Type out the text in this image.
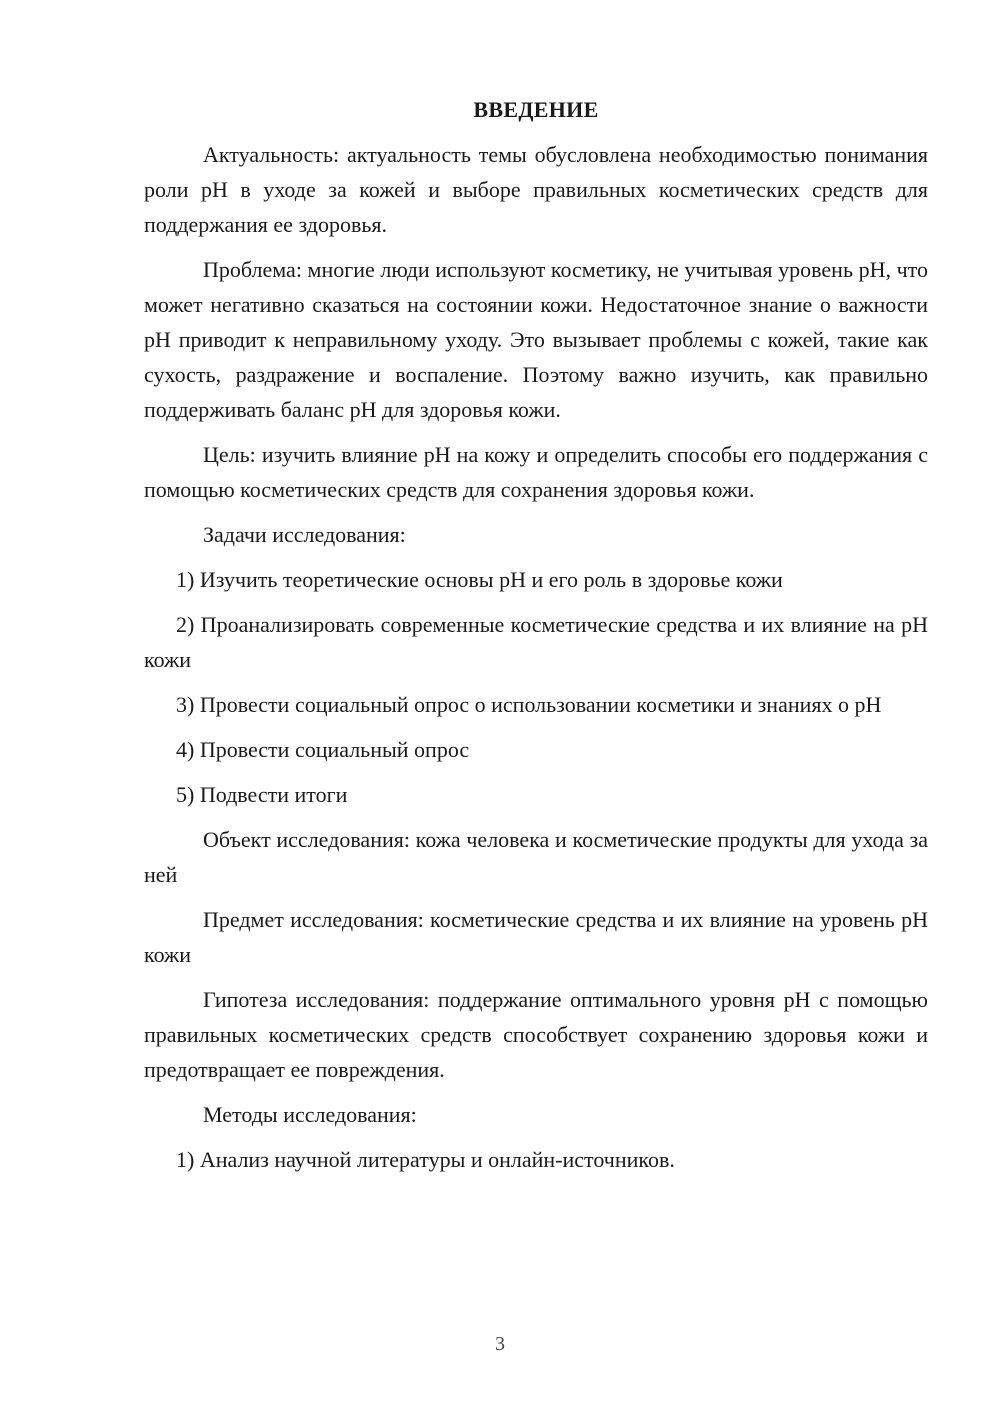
ВВЕДЕНИЕ

Актуальность: актуальность темы обусловлена необходимостью понимания роли pH в уходе за кожей и выборе правильных косметических средств для поддержания ее здоровья.

Проблема: многие люди используют косметику, не учитывая уровень pH, что может негативно сказаться на состоянии кожи. Недостаточное знание о важности pH приводит к неправильному уходу. Это вызывает проблемы с кожей, такие как сухость, раздражение и воспаление. Поэтому важно изучить, как правильно поддерживать баланс pH для здоровья кожи.

Цель: изучить влияние pH на кожу и определить способы его поддержания с помощью косметических средств для сохранения здоровья кожи.

Задачи исследования:

1) Изучить теоретические основы pH и его роль в здоровье кожи

2) Проанализировать современные косметические средства и их влияние на pH кожи

3) Провести социальный опрос о использовании косметики и знаниях о pH

4) Провести социальный опрос

5) Подвести итоги

Объект исследования: кожа человека и косметические продукты для ухода за ней

Предмет исследования: косметические средства и их влияние на уровень pH кожи

Гипотеза исследования: поддержание оптимального уровня pH с помощью правильных косметических средств способствует сохранению здоровья кожи и предотвращает ее повреждения.

Методы исследования:

1) Анализ научной литературы и онлайн-источников.

3
